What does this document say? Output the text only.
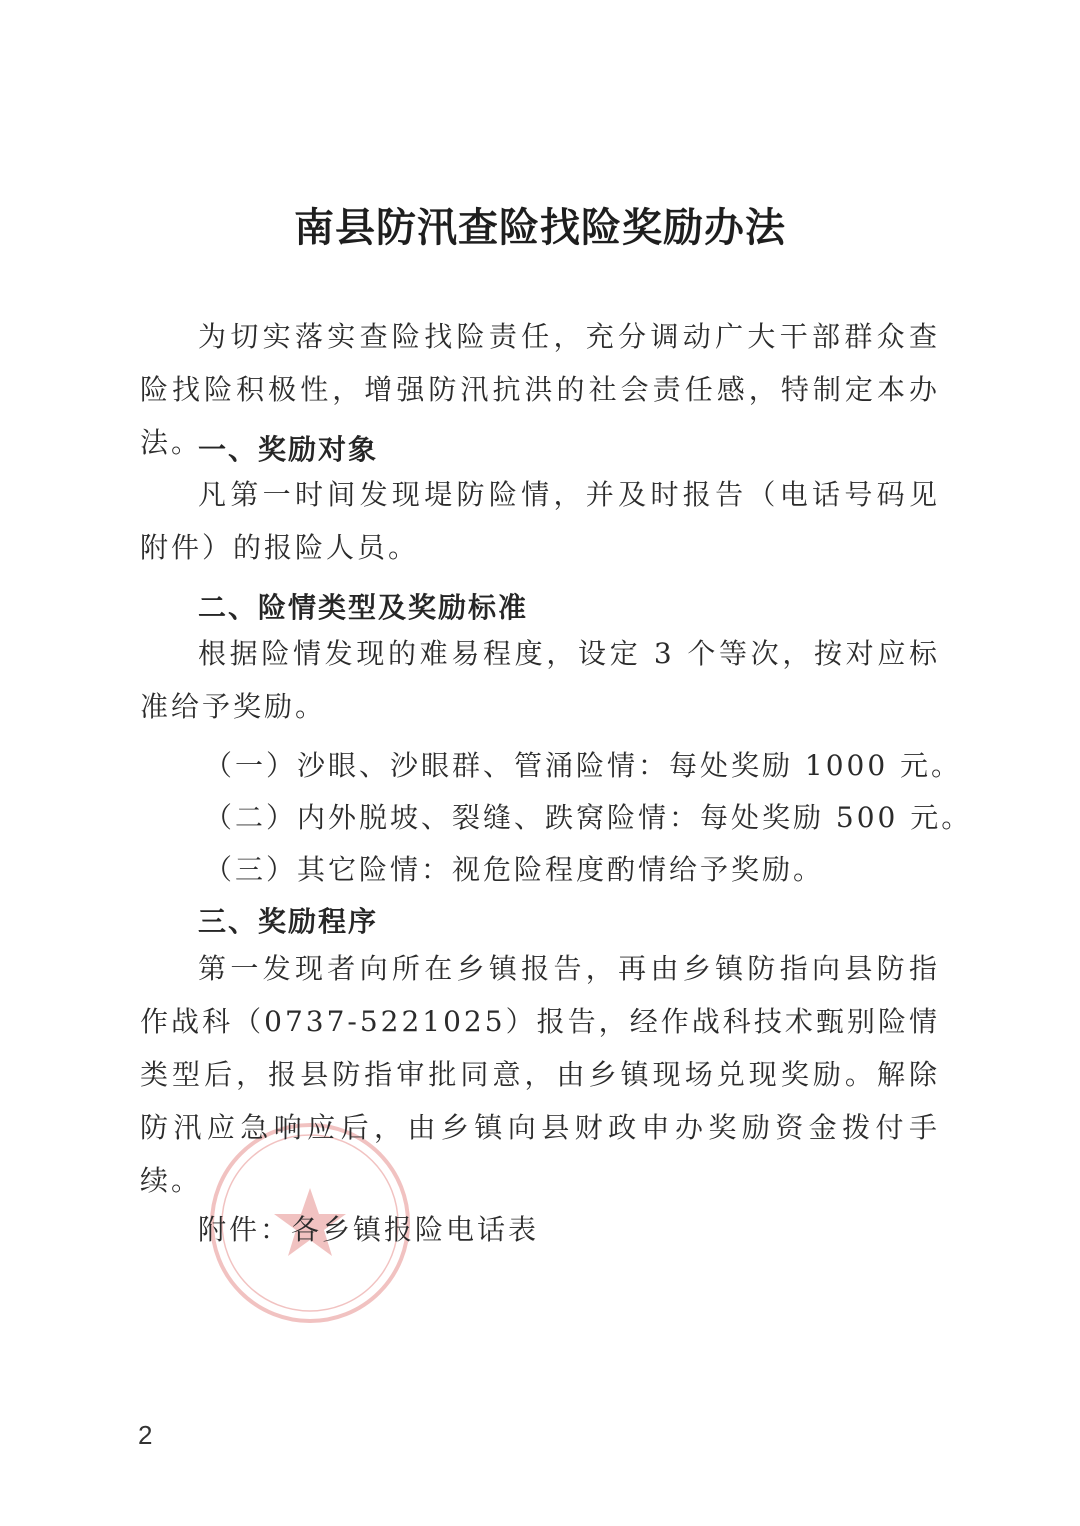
南县防汛查险找险奖励办法
为切实落实查险找险责任，充分调动广大干部群众查险找险积极性，增强防汛抗洪的社会责任感，特制定本办法。
一、奖励对象
凡第一时间发现堤防险情，并及时报告（电话号码见附件）的报险人员。
二、险情类型及奖励标准
根据险情发现的难易程度，设定 3 个等次，按对应标准给予奖励。
（一）沙眼、沙眼群、管涌险情：每处奖励 1000 元。
（二）内外脱坡、裂缝、跌窝险情：每处奖励 500 元。
（三）其它险情：视危险程度酌情给予奖励。
三、奖励程序
第一发现者向所在乡镇报告，再由乡镇防指向县防指作战科（0737-5221025）报告，经作战科技术甄别险情类型后，报县防指审批同意，由乡镇现场兑现奖励。解除防汛应急响应后，由乡镇向县财政申办奖励资金拨付手续。
附件：各乡镇报险电话表
2
